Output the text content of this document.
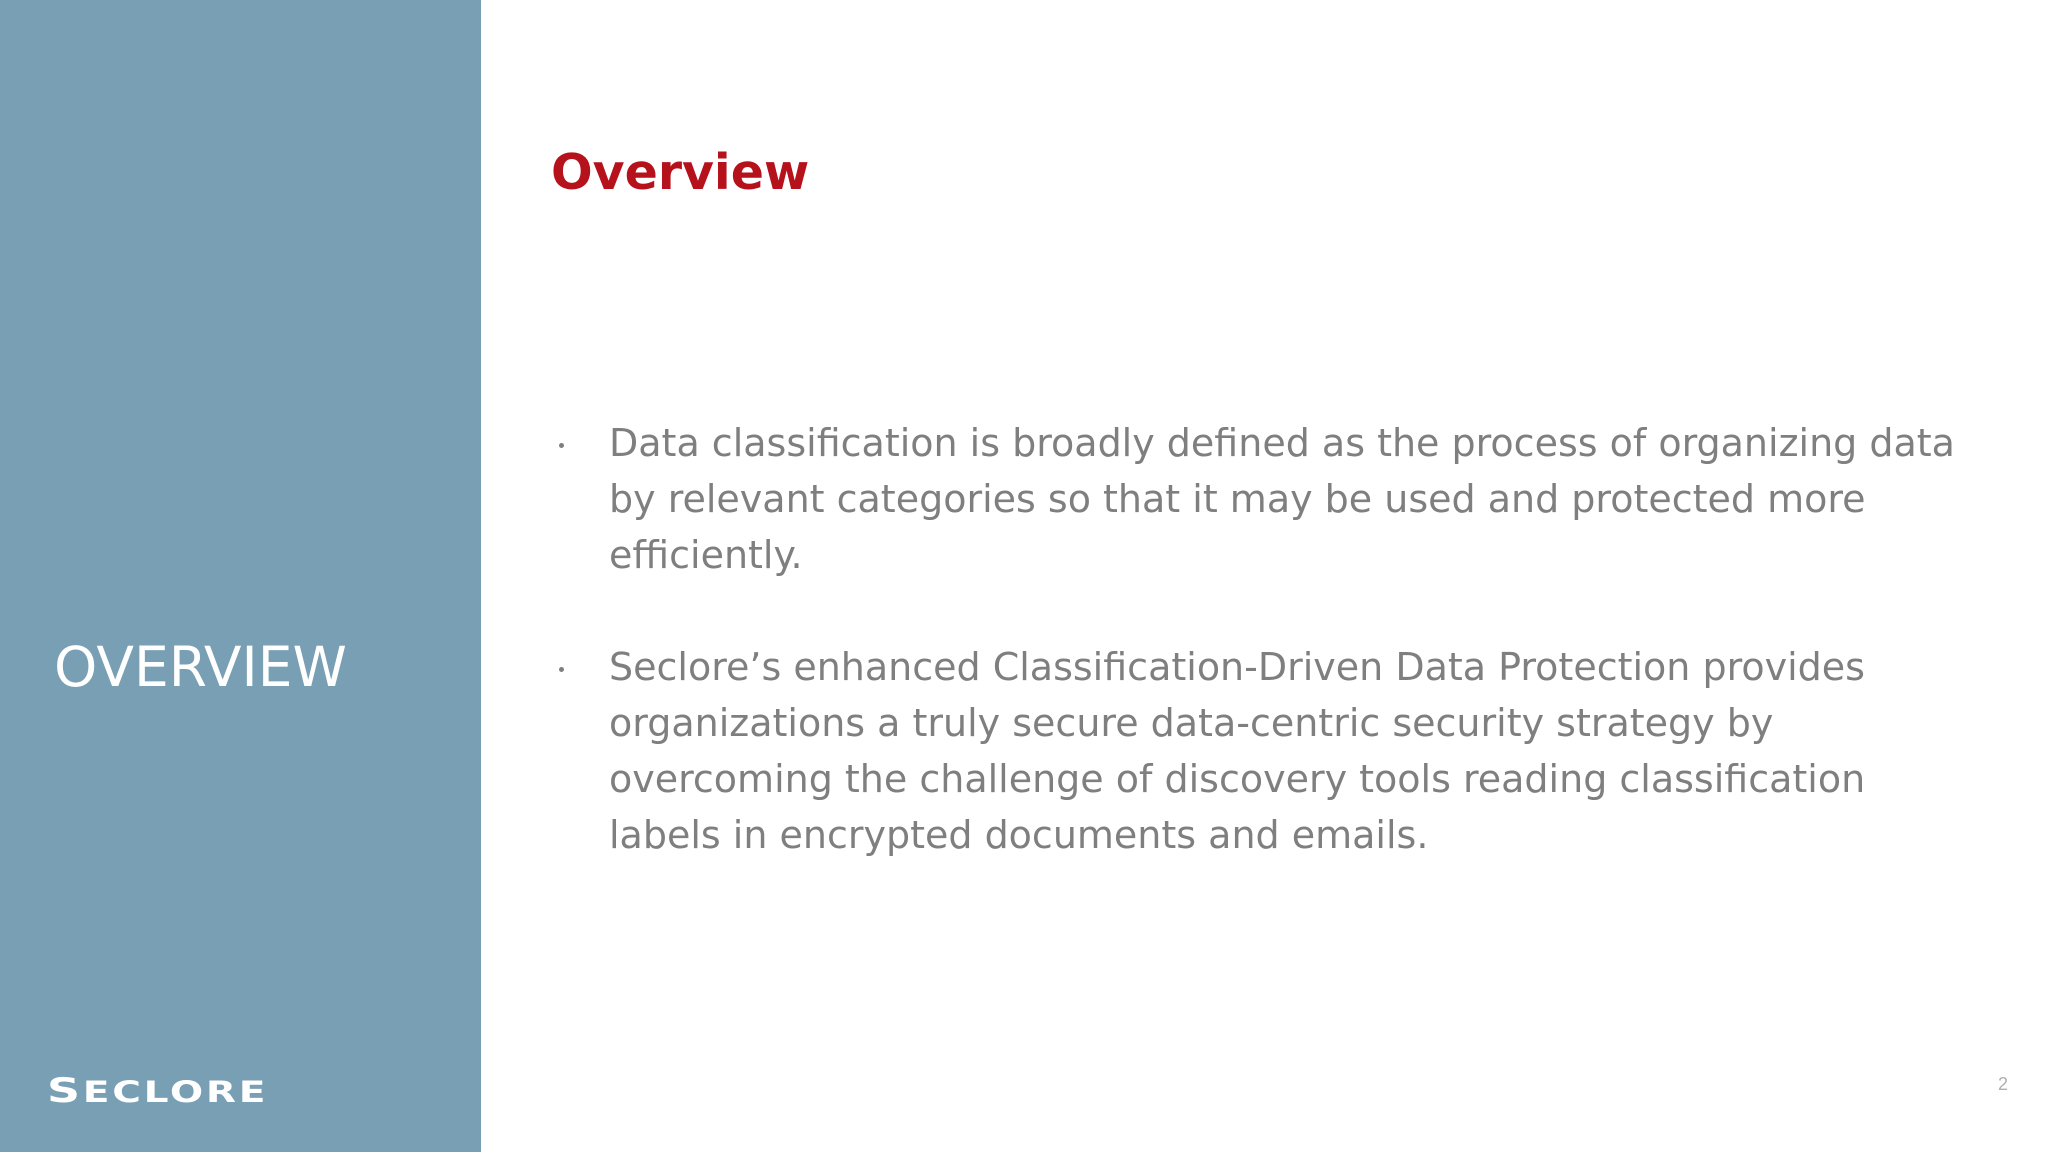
OVERVIEW
SECLORE
Overview
Data classification is broadly defined as the process of organizing data by relevant categories so that it may be used and protected more efficiently.
Seclore’s enhanced Classification-Driven Data Protection provides organizations a truly secure data-centric security strategy by overcoming the challenge of discovery tools reading classification labels in encrypted documents and emails.
2
